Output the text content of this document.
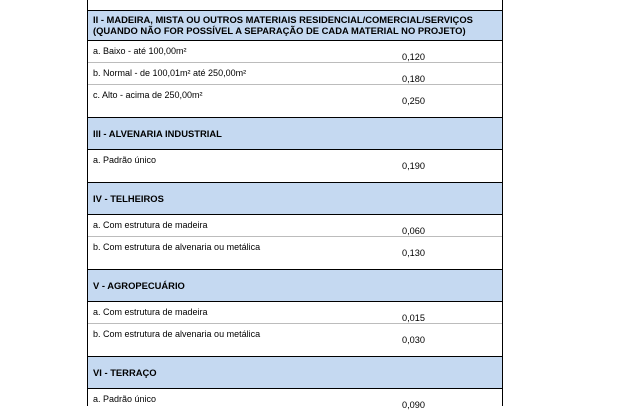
II - MADEIRA, MISTA OU OUTROS MATERIAIS RESIDENCIAL/COMERCIAL/SERVIÇOS
(QUANDO NÃO FOR POSSÍVEL A SEPARAÇÃO DE CADA MATERIAL NO PROJETO)
a. Baixo - até 100,00m²
0,120
b. Normal - de 100,01m² até 250,00m²
0,180
c. Alto - acima de 250,00m²
0,250
III - ALVENARIA INDUSTRIAL
a. Padrão único
0,190
IV - TELHEIROS
a. Com estrutura de madeira
0,060
b. Com estrutura de alvenaria ou metálica
0,130
V - AGROPECUÁRIO
a. Com estrutura de madeira
0,015
b. Com estrutura de alvenaria ou metálica
0,030
VI - TERRAÇO
a. Padrão único
0,090
